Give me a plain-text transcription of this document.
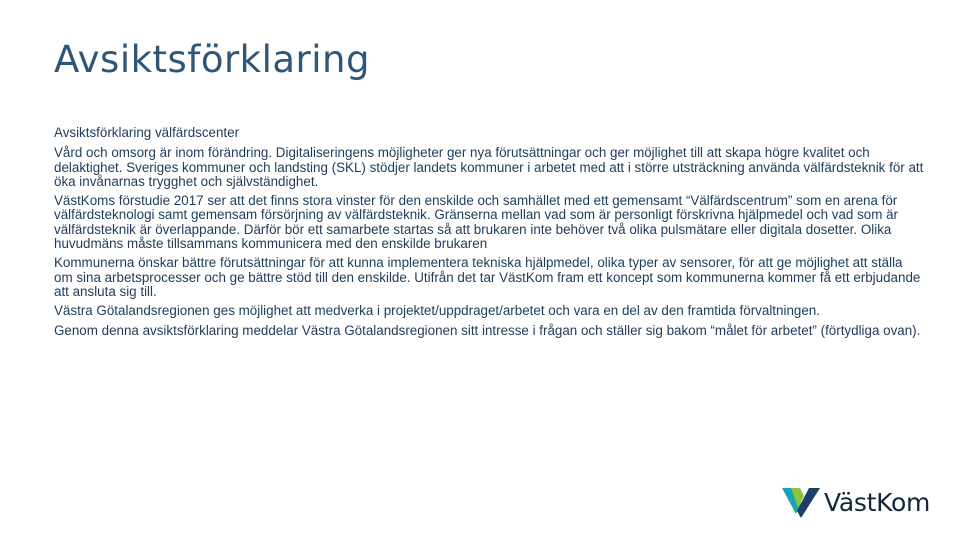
Avsiktsförklaring

Avsiktsförklaring välfärdscenter

Vård och omsorg är inom förändring. Digitaliseringens möjligheter ger nya förutsättningar och ger möjlighet till att skapa högre kvalitet och delaktighet. Sveriges kommuner och landsting (SKL) stödjer landets kommuner i arbetet med att i större utsträckning använda välfärdsteknik för att öka invånarnas trygghet och självständighet.

VästKoms förstudie 2017 ser att det finns stora vinster för den enskilde och samhället med ett gemensamt “Välfärdscentrum” som en arena för välfärdsteknologi samt gemensam försörjning av välfärdsteknik. Gränserna mellan vad som är personligt förskrivna hjälpmedel och vad som är välfärdsteknik är överlappande. Därför bör ett samarbete startas så att brukaren inte behöver två olika pulsmätare eller digitala dosetter. Olika huvudmäns måste tillsammans kommunicera med den enskilde brukaren

Kommunerna önskar bättre förutsättningar för att kunna implementera tekniska hjälpmedel, olika typer av sensorer, för att ge möjlighet att ställa om sina arbetsprocesser och ge bättre stöd till den enskilde. Utifrån det tar VästKom fram ett koncept som kommunerna kommer få ett erbjudande att ansluta sig till.

Västra Götalandsregionen ges möjlighet att medverka i projektet/uppdraget/arbetet och vara en del av den framtida förvaltningen.

Genom denna avsiktsförklaring meddelar Västra Götalandsregionen sitt intresse i frågan och ställer sig bakom “målet för arbetet” (förtydliga ovan).

VästKom
